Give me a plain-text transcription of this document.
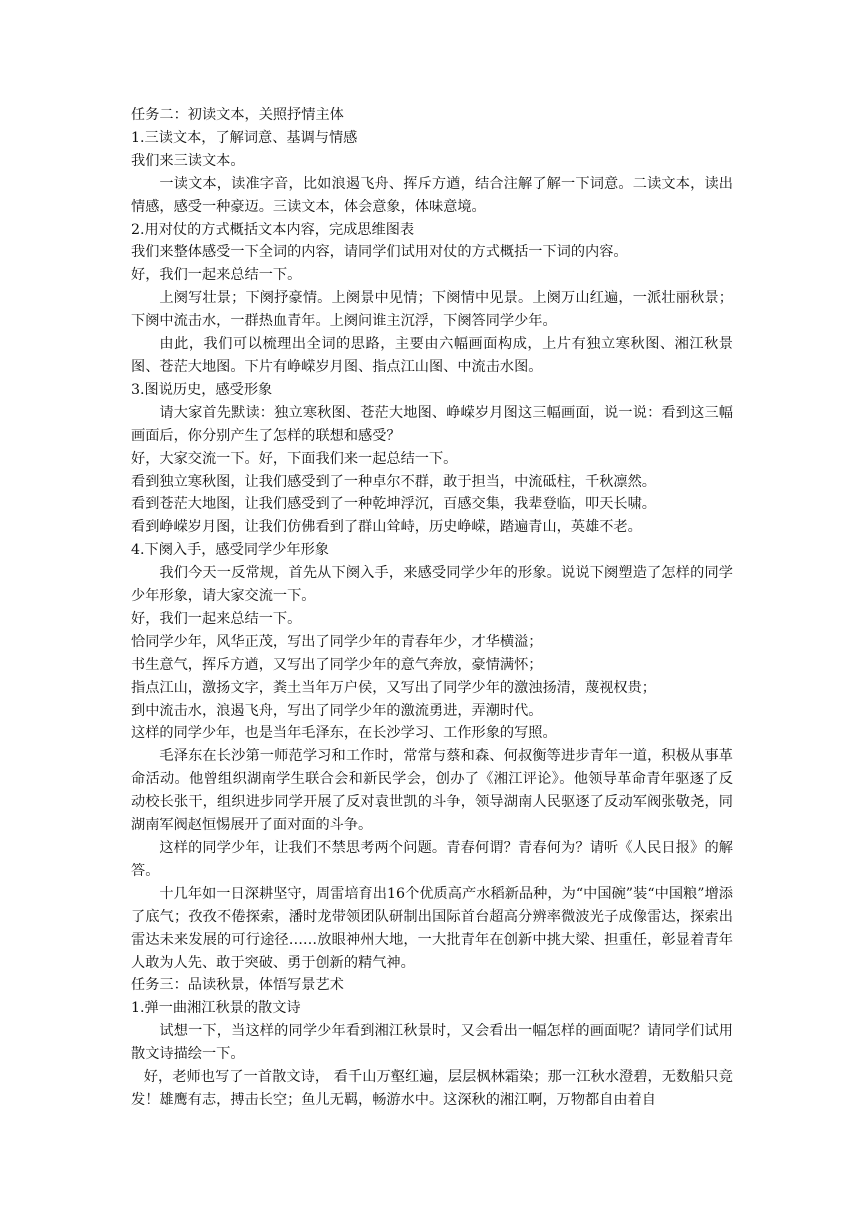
任务二：初读文本，关照抒情主体

1.三读文本，了解词意、基调与情感

我们来三读文本。

一读文本，读准字音，比如浪遏飞舟、挥斥方遒，结合注解了解一下词意。二读文本，读出情感，感受一种豪迈。三读文本，体会意象，体味意境。

2.用对仗的方式概括文本内容，完成思维图表

我们来整体感受一下全词的内容，请同学们试用对仗的方式概括一下词的内容。

好，我们一起来总结一下。

上阕写壮景；下阕抒豪情。上阕景中见情；下阕情中见景。上阕万山红遍，一派壮丽秋景；下阕中流击水，一群热血青年。上阕问谁主沉浮，下阕答同学少年。

由此，我们可以梳理出全词的思路，主要由六幅画面构成，上片有独立寒秋图、湘江秋景图、苍茫大地图。下片有峥嵘岁月图、指点江山图、中流击水图。

3.图说历史，感受形象

请大家首先默读：独立寒秋图、苍茫大地图、峥嵘岁月图这三幅画面，说一说：看到这三幅画面后，你分别产生了怎样的联想和感受？

好，大家交流一下。好，下面我们来一起总结一下。

看到独立寒秋图，让我们感受到了一种卓尔不群，敢于担当，中流砥柱，千秋凛然。

看到苍茫大地图，让我们感受到了一种乾坤浮沉，百感交集，我辈登临，叩天长啸。

看到峥嵘岁月图，让我们仿佛看到了群山耸峙，历史峥嵘，踏遍青山，英雄不老。

4.下阕入手，感受同学少年形象

我们今天一反常规，首先从下阕入手，来感受同学少年的形象。说说下阕塑造了怎样的同学少年形象，请大家交流一下。

好，我们一起来总结一下。

恰同学少年，风华正茂，写出了同学少年的青春年少，才华横溢；

书生意气，挥斥方遒，又写出了同学少年的意气奔放，豪情满怀；

指点江山，激扬文字，粪土当年万户侯，又写出了同学少年的激浊扬清，蔑视权贵；

到中流击水，浪遏飞舟，写出了同学少年的激流勇进，弄潮时代。

这样的同学少年，也是当年毛泽东，在长沙学习、工作形象的写照。

毛泽东在长沙第一师范学习和工作时，常常与蔡和森、何叔衡等进步青年一道，积极从事革命活动。他曾组织湖南学生联合会和新民学会，创办了《湘江评论》。他领导革命青年驱逐了反动校长张干，组织进步同学开展了反对袁世凯的斗争，领导湖南人民驱逐了反动军阀张敬尧，同湖南军阀赵恒惕展开了面对面的斗争。

这样的同学少年，让我们不禁思考两个问题。青春何谓？青春何为？请听《人民日报》的解答。

十几年如一日深耕坚守，周雷培育出16个优质高产水稻新品种，为“中国碗”装“中国粮”增添了底气；孜孜不倦探索，潘时龙带领团队研制出国际首台超高分辨率微波光子成像雷达，探索出雷达未来发展的可行途径……放眼神州大地，一大批青年在创新中挑大梁、担重任，彰显着青年人敢为人先、敢于突破、勇于创新的精气神。

任务三：品读秋景，体悟写景艺术

1.弹一曲湘江秋景的散文诗

试想一下，当这样的同学少年看到湘江秋景时，又会看出一幅怎样的画面呢？请同学们试用散文诗描绘一下。

好，老师也写了一首散文诗， 看千山万壑红遍，层层枫林霜染；那一江秋水澄碧，无数船只竞发！雄鹰有志，搏击长空；鱼儿无羁，畅游水中。这深秋的湘江啊，万物都自由着自
